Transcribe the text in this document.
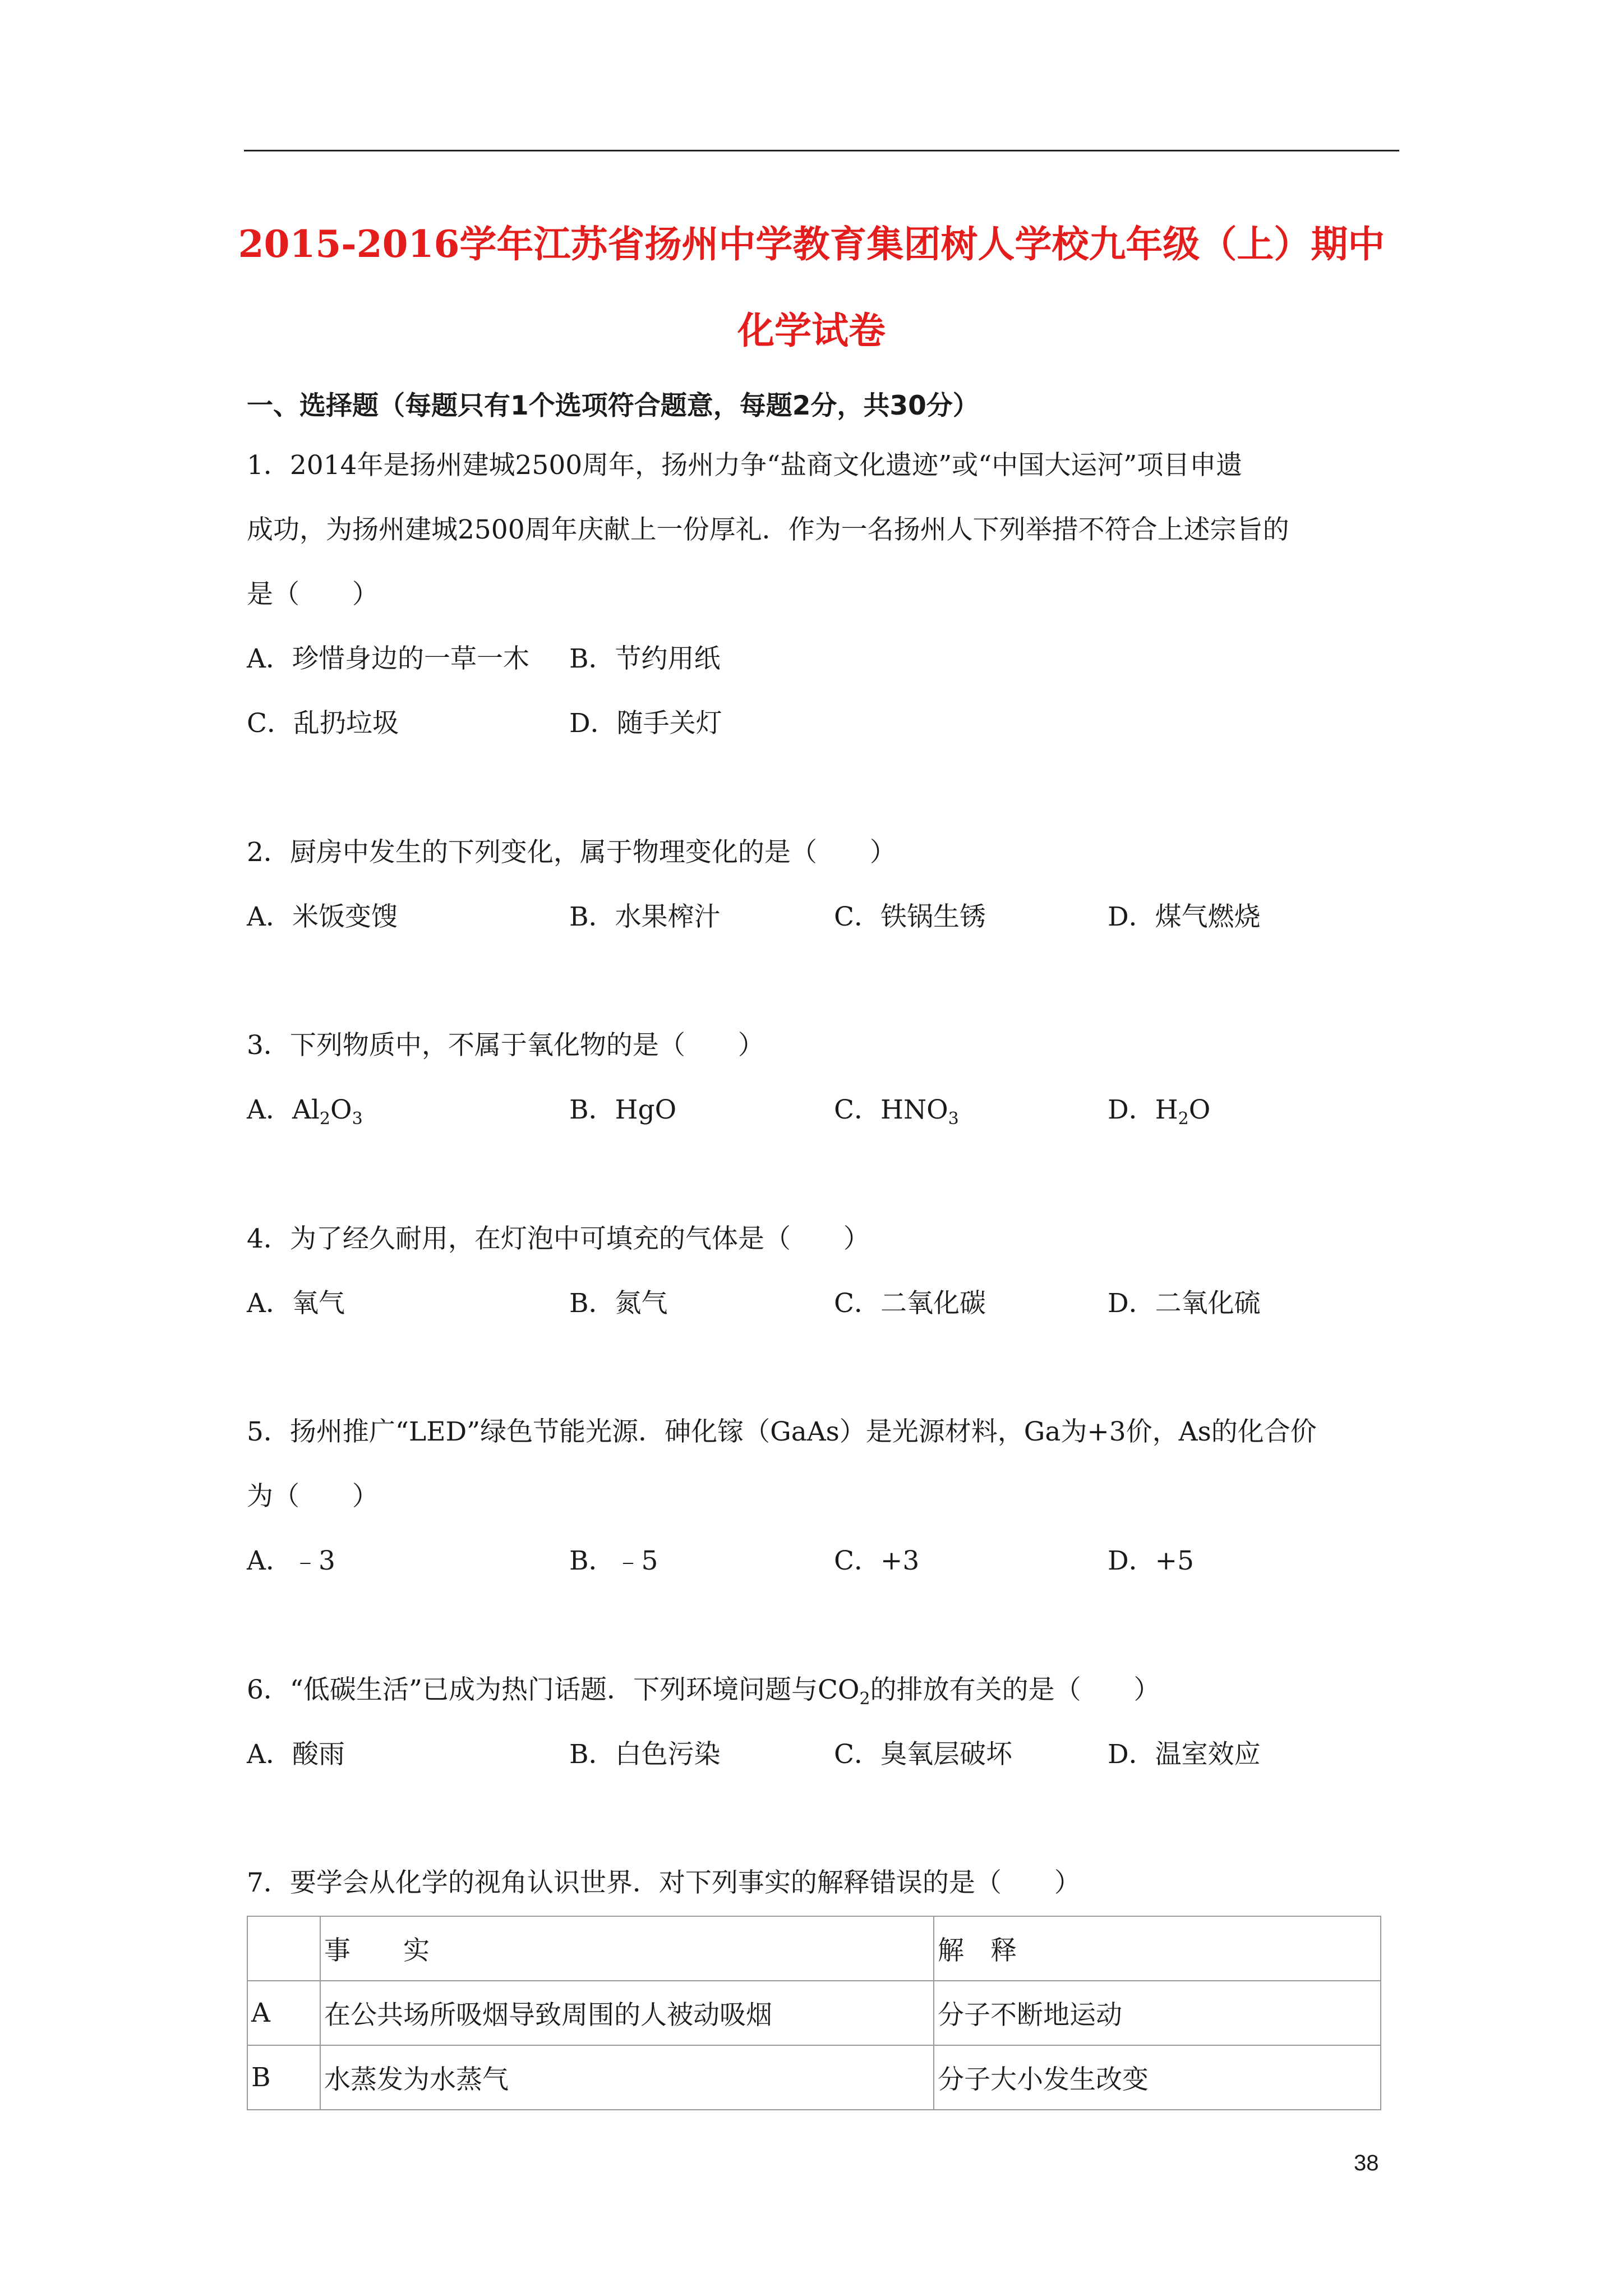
2015-2016学年江苏省扬州中学教育集团树人学校九年级（上）期中
化学试卷
一、选择题（每题只有1个选项符合题意，每题2分，共30分）
1．2014年是扬州建城2500周年，扬州力争“盐商文化遗迹”或“中国大运河”项目申遗
成功，为扬州建城2500周年庆献上一份厚礼．作为一名扬州人下列举措不符合上述宗旨的
是（　　）
A．珍惜身边的一草一木 B．节约用纸
C．乱扔垃圾	D．随手关灯
2．厨房中发生的下列变化，属于物理变化的是（　　）
A．米饭变馊	B．水果榨汁	C．铁锅生锈	D．煤气燃烧
3．下列物质中，不属于氧化物的是（　　）
A．$Al_2O_3$	B．HgO	C．$HNO_3$	D．$H_2O$
4．为了经久耐用，在灯泡中可填充的气体是（　　）
A．氧气	B．氮气	C．二氧化碳	D．二氧化硫
5．扬州推广“LED”绿色节能光源．砷化镓（GaAs）是光源材料，Ga为+3价，As的化合价
为（　　）
A．﹣3	B．﹣5	C．+3	D．+5
6．“低碳生活”已成为热门话题．下列环境问题与$CO_2$的排放有关的是（　　）
A．酸雨	B．白色污染	C．臭氧层破坏	D．温室效应
7．要学会从化学的视角认识世界．对下列事实的解释错误的是（　　）
	事　　实	解　释
A	在公共场所吸烟导致周围的人被动吸烟	分子不断地运动
B	水蒸发为水蒸气	分子大小发生改变
38
